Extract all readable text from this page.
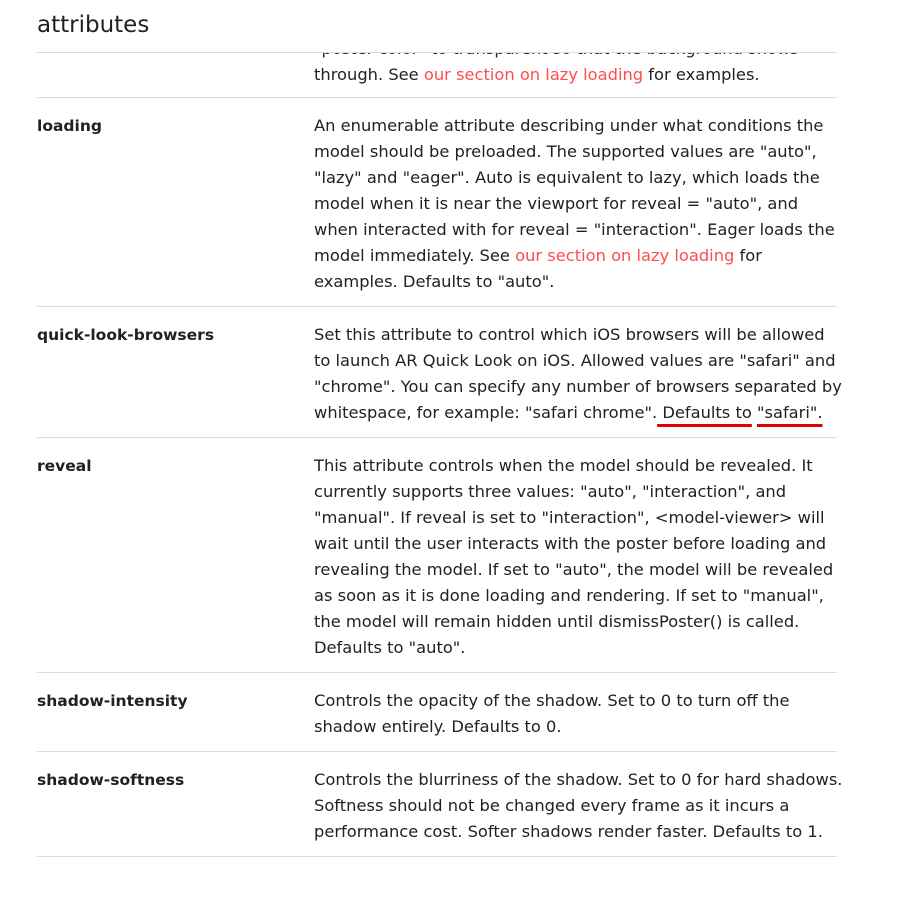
through. See our section on lazy loading for examples.
attributes
loading	An enumerable attribute describing under what conditions the model should be preloaded. The supported values are "auto", "lazy" and "eager". Auto is equivalent to lazy, which loads the model when it is near the viewport for reveal = "auto", and when interacted with for reveal = "interaction". Eager loads the model immediately. See our section on lazy loading for examples. Defaults to "auto".
quick-look-browsers	Set this attribute to control which iOS browsers will be allowed to launch AR Quick Look on iOS. Allowed values are "safari" and "chrome". You can specify any number of browsers separated by whitespace, for example: "safari chrome". Defaults to "safari".
reveal	This attribute controls when the model should be revealed. It currently supports three values: "auto", "interaction", and "manual". If reveal is set to "interaction", <model-viewer> will wait until the user interacts with the poster before loading and revealing the model. If set to "auto", the model will be revealed as soon as it is done loading and rendering. If set to "manual", the model will remain hidden until dismissPoster() is called. Defaults to "auto".
shadow-intensity	Controls the opacity of the shadow. Set to 0 to turn off the shadow entirely. Defaults to 0.
shadow-softness	Controls the blurriness of the shadow. Set to 0 for hard shadows. Softness should not be changed every frame as it incurs a performance cost. Softer shadows render faster. Defaults to 1.
